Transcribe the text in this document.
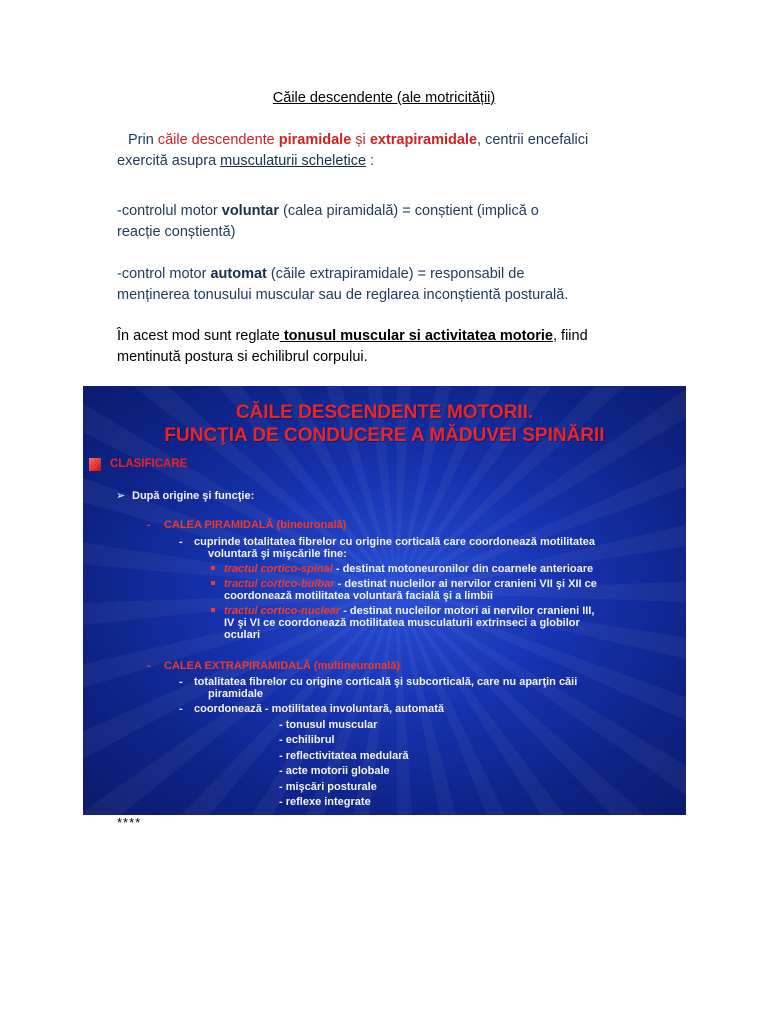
Căile descendente (ale motricității)
Prin căile descendente piramidale și extrapiramidale, centrii encefalici
exercită asupra musculaturii scheletice :
-controlul motor voluntar (calea piramidală) = conștient (implică o
reacție conștientă)
-control motor automat (căile extrapiramidale) = responsabil de
menținerea tonusului muscular sau de reglarea inconștientă posturală.
În acest mod sunt reglate tonusul muscular si activitatea motorie, fiind
mentinută postura si echilibrul corpului.
CĂILE DESCENDENTE MOTORII.
FUNCŢIA DE CONDUCERE A MĂDUVEI SPINĂRII
CLASIFICARE
➢ După origine şi funcţie:
- CALEA PIRAMIDALĂ (bineuronală)
- cuprinde totalitatea fibrelor cu origine corticală care coordonează motilitatea
voluntară şi mişcările fine:
tractul cortico-spinal - destinat motoneuronilor din coarnele anterioare
tractul cortico-bulbar - destinat nucleilor ai nervilor cranieni VII şi XII ce
coordonează motilitatea voluntară facială şi a limbii
tractul cortico-nuclear - destinat nucleilor motori ai nervilor cranieni III,
IV şi VI ce coordonează motilitatea musculaturii extrinseci a globilor
oculari
- CALEA EXTRAPIRAMIDALĂ (multineuronală)
- totalitatea fibrelor cu origine corticală şi subcorticală, care nu aparţin căii
piramidale
- coordonează - motilitatea involuntară, automată
- tonusul muscular
- echilibrul
- reflectivitatea medulară
- acte motorii globale
- mişcări posturale
- reflexe integrate
****
